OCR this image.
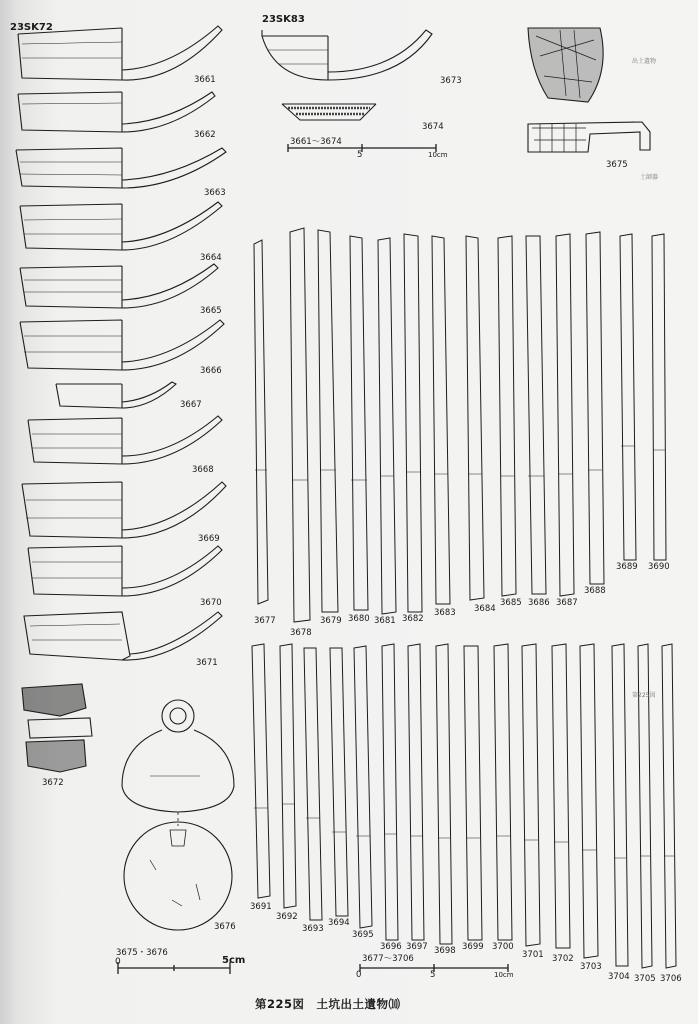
23SK72
23SK83
3661
3662
3663
3664
3665
3666
3667
3668
3669
3670
3671
3673
3674
3675
3661～3674
5	10cm
3672
3676
3675・3676
0	5cm
3677
3678
3679 3680 3681 3682
3683 3684
3685 3686 3687
3688
3689 3690
3691
3692
3693
3694
3695
3696 3697 3698 3699 3700
3701 3702
3703
3704 3705 3706
3677～3706
0	5	10cm
出土遺物
土師器
第225図
第225図　土坑出土遺物⑽
